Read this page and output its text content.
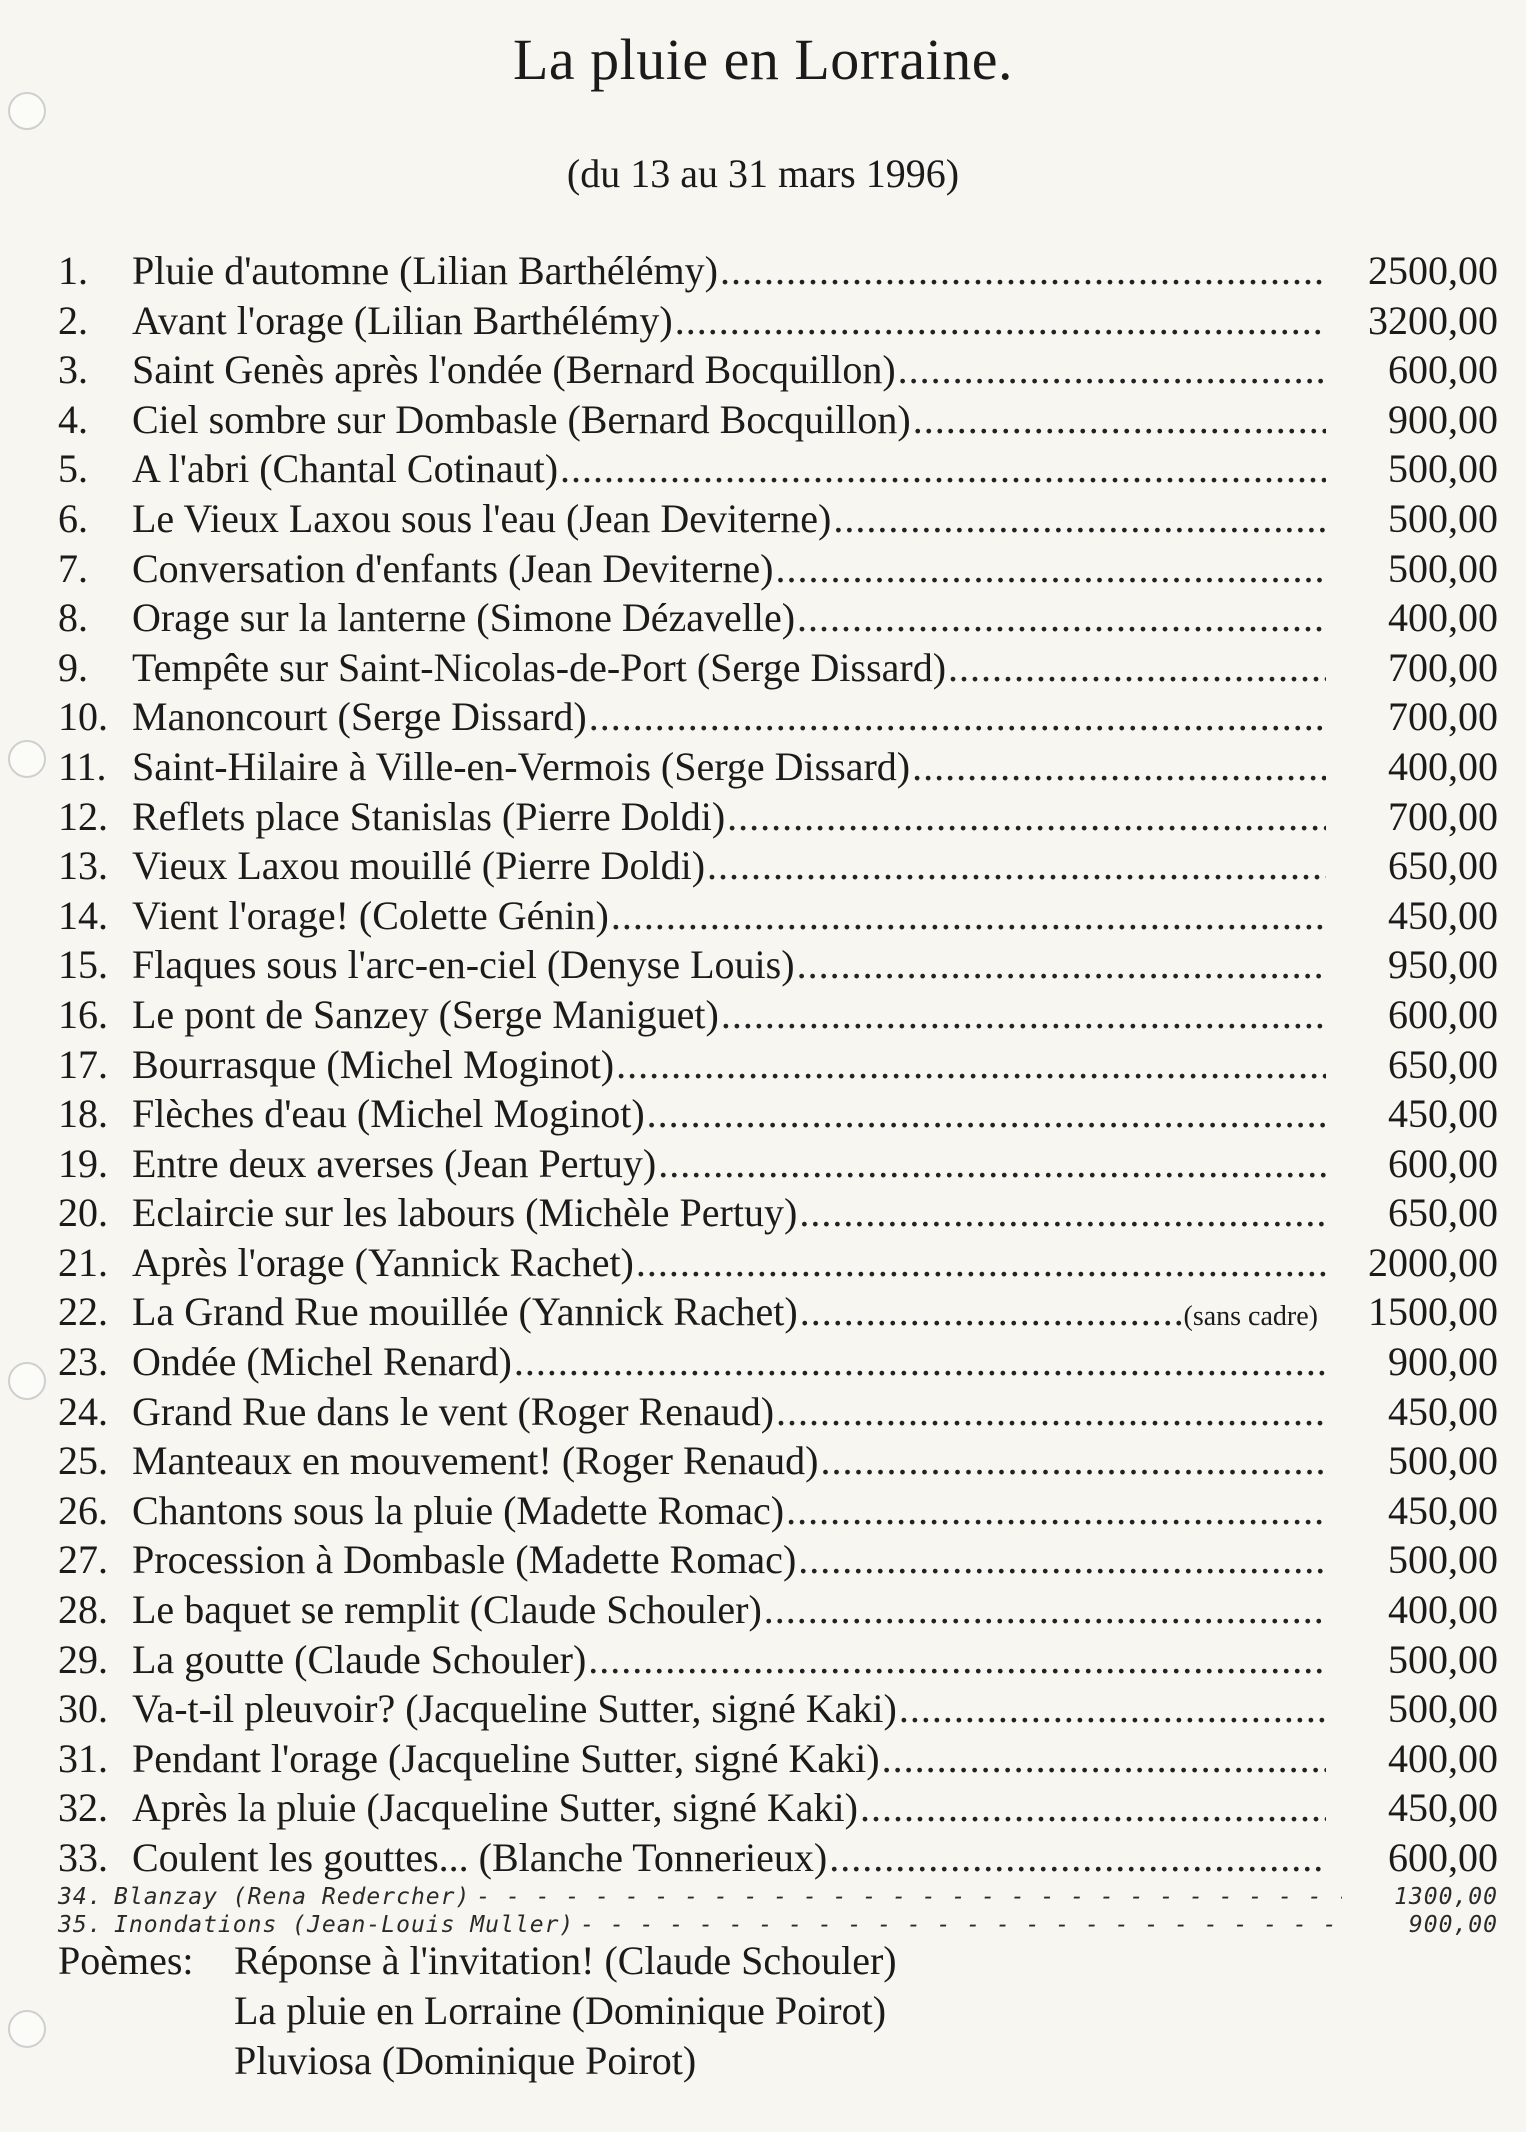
La pluie en Lorraine.
(du 13 au 31 mars 1996)
1.	Pluie d'automne (Lilian Barthélémy) .....	2500,00
2.	Avant l'orage (Lilian Barthélémy) .....	3200,00
3.	Saint Genès après l'ondée (Bernard Bocquillon) .....	600,00
4.	Ciel sombre sur Dombasle (Bernard Bocquillon) .....	900,00
5.	A l'abri (Chantal Cotinaut) .....	500,00
6.	Le Vieux Laxou sous l'eau (Jean Deviterne) .....	500,00
7.	Conversation d'enfants (Jean Deviterne) .....	500,00
8.	Orage sur la lanterne (Simone Dézavelle) .....	400,00
9.	Tempête sur Saint-Nicolas-de-Port (Serge Dissard) .....	700,00
10. Manoncourt (Serge Dissard) .....	700,00
11. Saint-Hilaire à Ville-en-Vermois (Serge Dissard) .....	400,00
12. Reflets place Stanislas (Pierre Doldi) .....	700,00
13. Vieux Laxou mouillé (Pierre Doldi) .....	650,00
14. Vient l'orage! (Colette Génin) .....	450,00
15. Flaques sous l'arc-en-ciel (Denyse Louis) .....	950,00
16. Le pont de Sanzey (Serge Maniguet) .....	600,00
17. Bourrasque (Michel Moginot) .....	650,00
18. Flèches d'eau (Michel Moginot) .....	450,00
19. Entre deux averses (Jean Pertuy) .....	600,00
20. Eclaircie sur les labours (Michèle Pertuy) .....	650,00
21. Après l'orage (Yannick Rachet) .....	2000,00
22. La Grand Rue mouillée (Yannick Rachet) .....	(sans cadre)	1500,00
23. Ondée (Michel Renard) .....	900,00
24. Grand Rue dans le vent (Roger Renaud) .....	450,00
25. Manteaux en mouvement! (Roger Renaud) .....	500,00
26. Chantons sous la pluie (Madette Romac) .....	450,00
27. Procession à Dombasle (Madette Romac) .....	500,00
28. Le baquet se remplit (Claude Schouler) .....	400,00
29. La goutte (Claude Schouler) .....	500,00
30. Va-t-il pleuvoir? (Jacqueline Sutter, signé Kaki) .....	500,00
31. Pendant l'orage (Jacqueline Sutter, signé Kaki) .....	400,00
32. Après la pluie (Jacqueline Sutter, signé Kaki) .....	450,00
33. Coulent les gouttes... (Blanche Tonnerieux) .....	600,00
34. Blanzay (Rena Redercher) - - -	1300,00
35. Inondations (Jean-Louis Muller) - - -	900,00
Poèmes: Réponse à l'invitation! (Claude Schouler)
La pluie en Lorraine (Dominique Poirot)
Pluviosa (Dominique Poirot)
